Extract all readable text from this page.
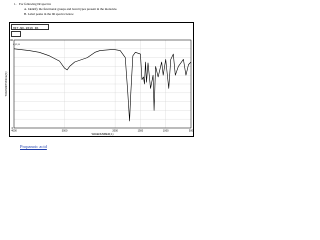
1. For following IR spectra:
A. Identify the functional groups and bond types present in the molecule.
B. Label peaks in the IR spectra below.
HIT-NO.2019 IR
C₃H₄O
4000	3000	2000	1500	1000	500
0
100
WAVENUMBER(-1)
TRANSMITTANCE(%)
Propanoic acid
